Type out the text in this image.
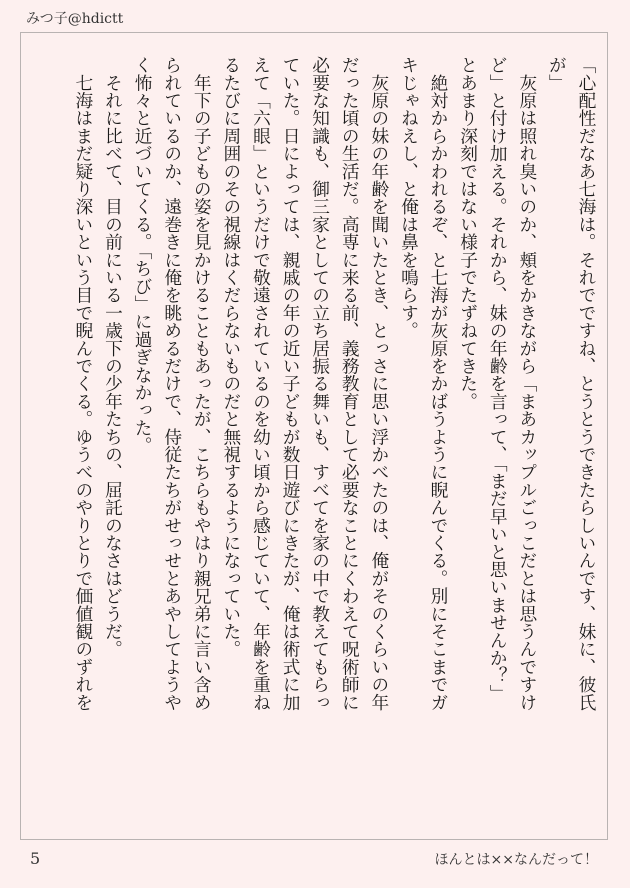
みつ子@hdictt
「心配性だなあ七海は。それでですね、とうとうできたらしいんです、妹に、彼氏
が」
　灰原は照れ臭いのか、頬をかきながら「まあカップルごっこだとは思うんですけ
ど」と付け加える。それから、妹の年齢を言って、「まだ早いと思いませんか？」
とあまり深刻ではない様子でたずねてきた。
　絶対からかわれるぞ、と七海が灰原をかばうように睨んでくる。別にそこまでガ
キじゃねえし、と俺は鼻を鳴らす。
　灰原の妹の年齢を聞いたとき、とっさに思い浮かべたのは、俺がそのくらいの年
だった頃の生活だ。高専に来る前、義務教育として必要なことにくわえて呪術師に
必要な知識も、御三家としての立ち居振る舞いも、すべてを家の中で教えてもらっ
ていた。日によっては、親戚の年の近い子どもが数日遊びにきたが、俺は術式に加
えて「六眼」というだけで敬遠されているのを幼い頃から感じていて、年齢を重ね
るたびに周囲のその視線はくだらないものだと無視するようになっていた。
　年下の子どもの姿を見かけることもあったが、こちらもやはり親兄弟に言い含め
られているのか、遠巻きに俺を眺めるだけで、侍従たちがせっせとあやしてようや
く怖々と近づいてくる。「ちび」に過ぎなかった。
　それに比べて、目の前にいる一歳下の少年たちの、屈託のなさはどうだ。
　七海はまだ疑り深いという目で睨んでくる。ゆうべのやりとりで価値観のずれを
5	ほんとは××なんだって！
